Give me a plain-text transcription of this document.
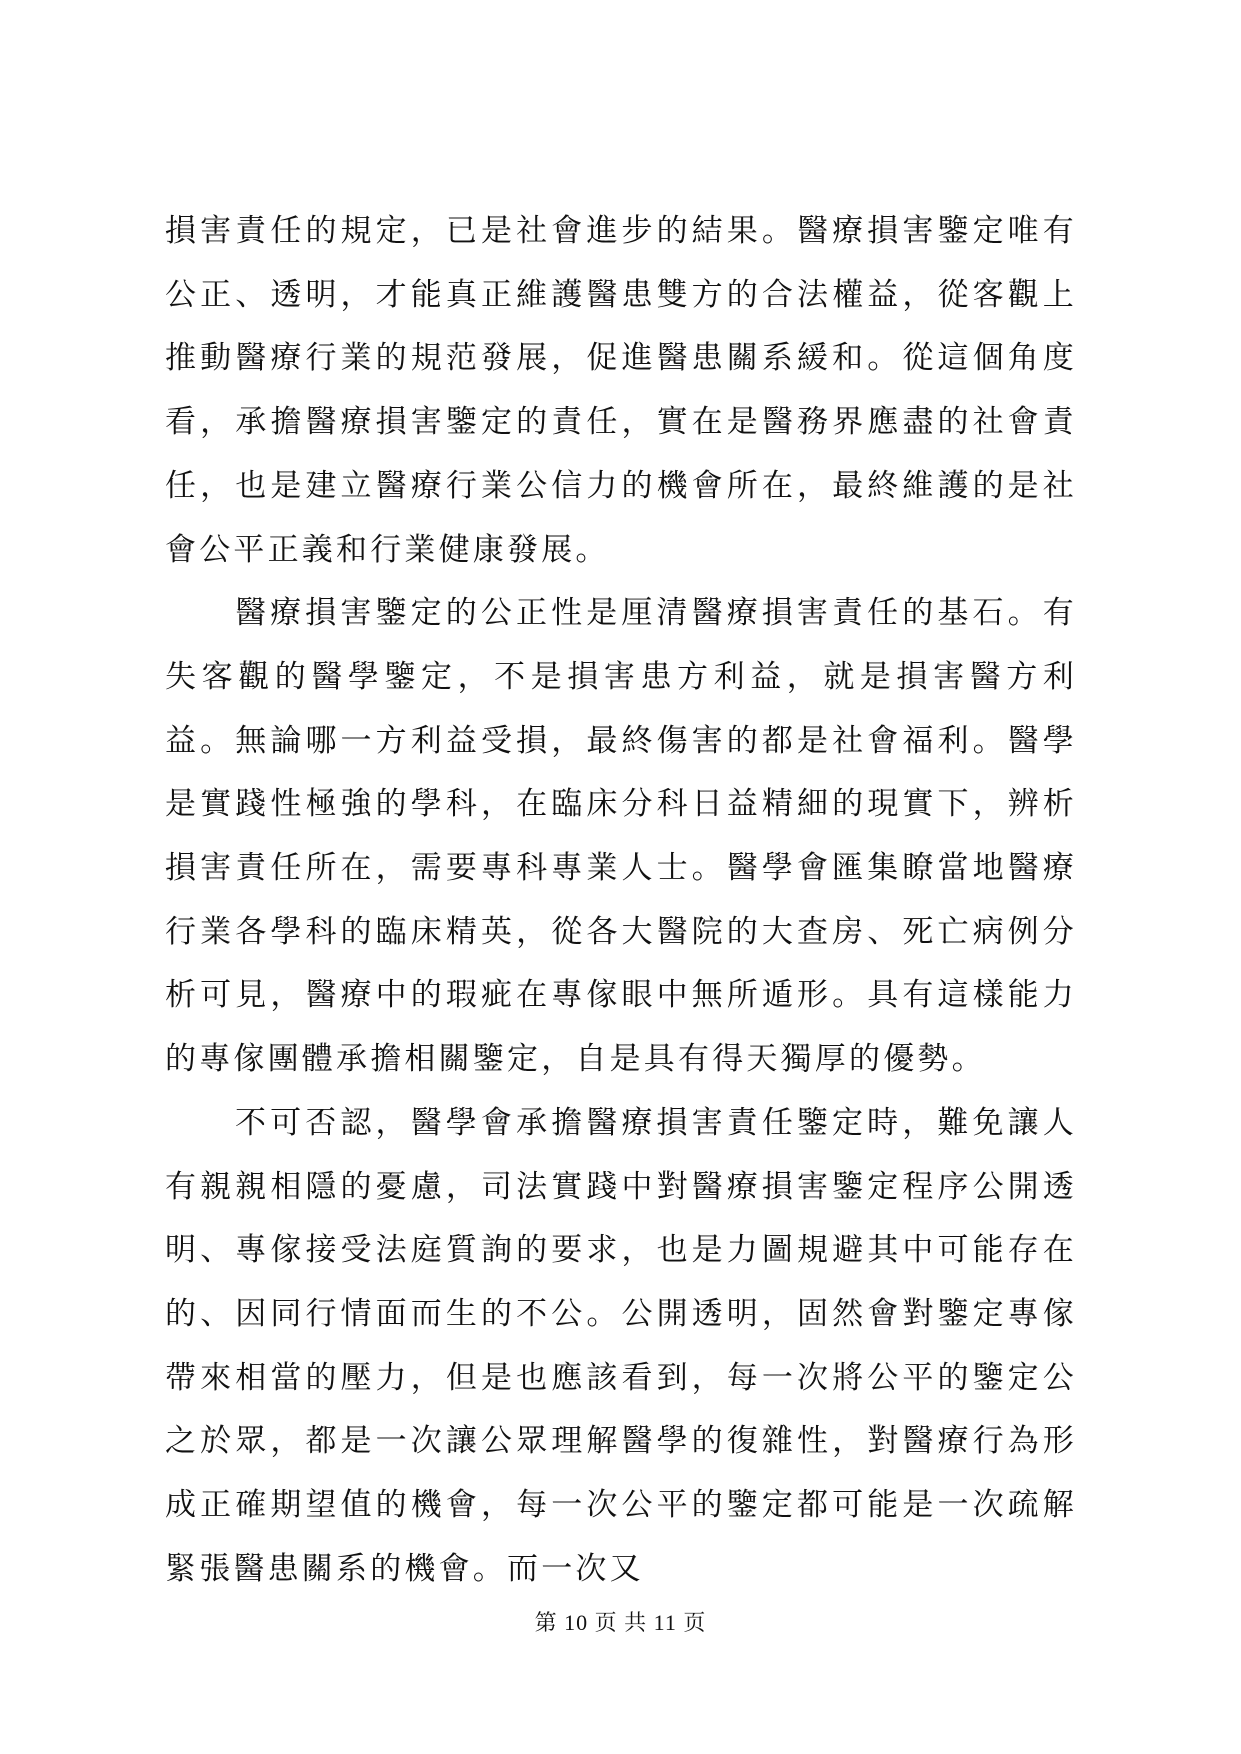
損害責任的規定，已是社會進步的結果。醫療損害鑒定唯有公正、透明，才能真正維護醫患雙方的合法權益，從客觀上推動醫療行業的規范發展，促進醫患關系緩和。從這個角度看，承擔醫療損害鑒定的責任，實在是醫務界應盡的社會責任，也是建立醫療行業公信力的機會所在，最終維護的是社會公平正義和行業健康發展。

醫療損害鑒定的公正性是厘清醫療損害責任的基石。有失客觀的醫學鑒定，不是損害患方利益，就是損害醫方利益。無論哪一方利益受損，最終傷害的都是社會福利。醫學是實踐性極強的學科，在臨床分科日益精細的現實下，辨析損害責任所在，需要專科專業人士。醫學會匯集瞭當地醫療行業各學科的臨床精英，從各大醫院的大查房、死亡病例分析可見，醫療中的瑕疵在專傢眼中無所遁形。具有這樣能力的專傢團體承擔相關鑒定，自是具有得天獨厚的優勢。

不可否認，醫學會承擔醫療損害責任鑒定時，難免讓人有親親相隱的憂慮，司法實踐中對醫療損害鑒定程序公開透明、專傢接受法庭質詢的要求，也是力圖規避其中可能存在的、因同行情面而生的不公。公開透明，固然會對鑒定專傢帶來相當的壓力，但是也應該看到，每一次將公平的鑒定公之於眾，都是一次讓公眾理解醫學的復雜性，對醫療行為形成正確期望值的機會，每一次公平的鑒定都可能是一次疏解緊張醫患關系的機會。而一次又

第 10 页 共 11 页
